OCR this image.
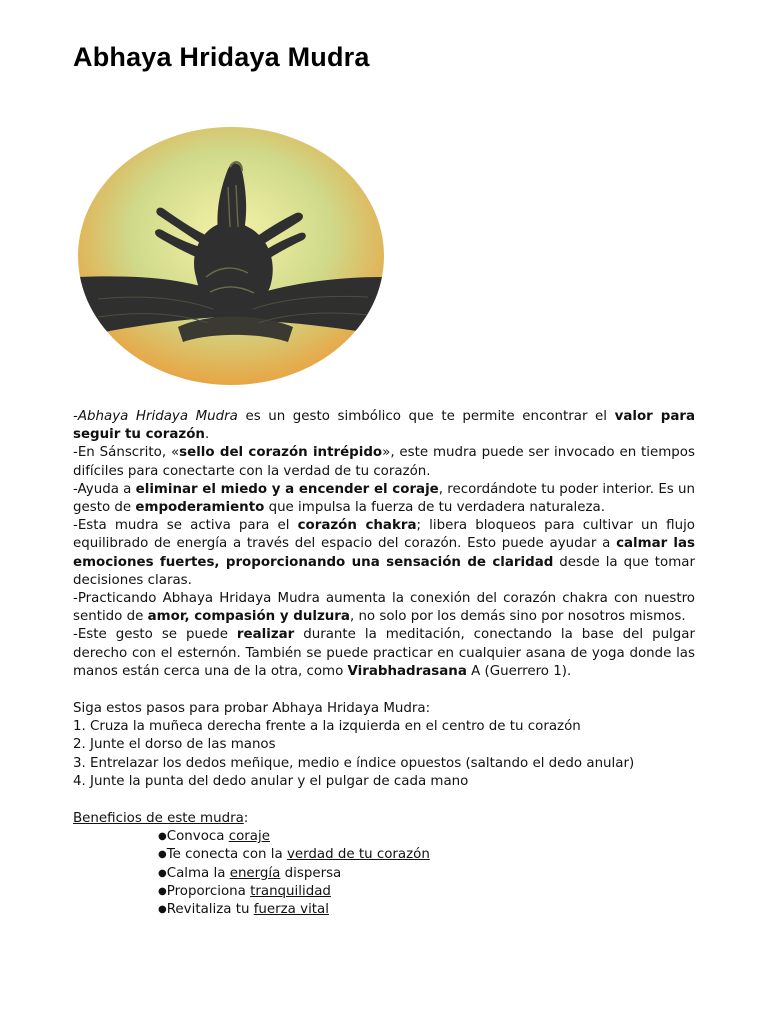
Abhaya Hridaya Mudra

-Abhaya Hridaya Mudra es un gesto simbólico que te permite encontrar el valor para seguir tu corazón.

-En Sánscrito, «sello del corazón intrépido», este mudra puede ser invocado en tiempos difíciles para conectarte con la verdad de tu corazón.

-Ayuda a eliminar el miedo y a encender el coraje, recordándote tu poder interior. Es un gesto de empoderamiento que impulsa la fuerza de tu verdadera naturaleza.

-Esta mudra se activa para el corazón chakra; libera bloqueos para cultivar un flujo equilibrado de energía a través del espacio del corazón. Esto puede ayudar a calmar las emociones fuertes, proporcionando una sensación de claridad desde la que tomar decisiones claras.

-Practicando Abhaya Hridaya Mudra aumenta la conexión del corazón chakra con nuestro sentido de amor, compasión y dulzura, no solo por los demás sino por nosotros mismos.

-Este gesto se puede realizar durante la meditación, conectando la base del pulgar derecho con el esternón. También se puede practicar en cualquier asana de yoga donde las manos están cerca una de la otra, como Virabhadrasana A (Guerrero 1).

Siga estos pasos para probar Abhaya Hridaya Mudra:

1. Cruza la muñeca derecha frente a la izquierda en el centro de tu corazón

2. Junte el dorso de las manos

3. Entrelazar los dedos meñique, medio e índice opuestos (saltando el dedo anular)

4. Junte la punta del dedo anular y el pulgar de cada mano

Beneficios de este mudra:

●Convoca coraje

●Te conecta con la verdad de tu corazón

●Calma la energía dispersa

●Proporciona tranquilidad

●Revitaliza tu fuerza vital
